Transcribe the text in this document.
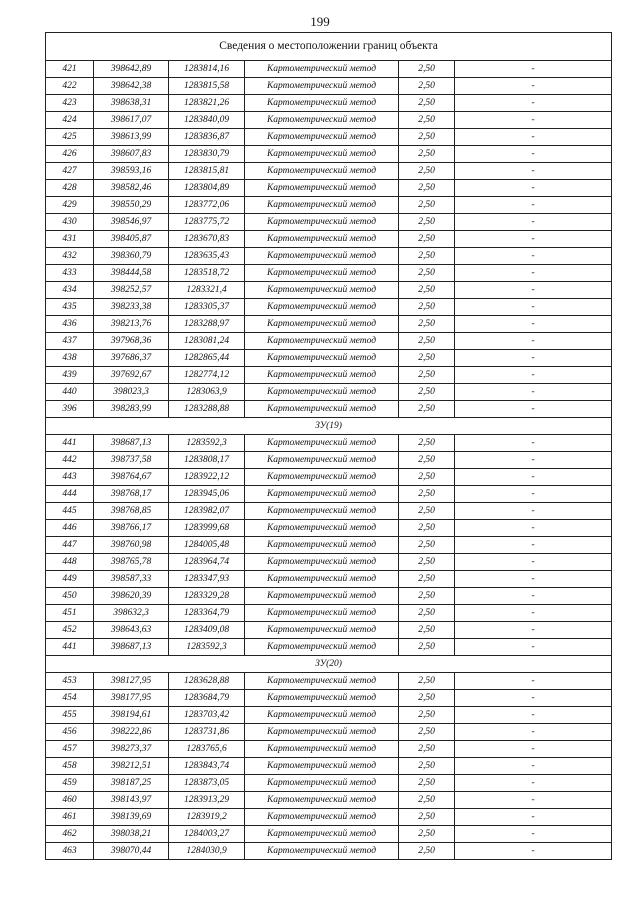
199
Сведения о местоположении границ объекта					
421	398642,89	1283814,16	Картометрический метод	2,50	-
422	398642,38	1283815,58	Картометрический метод	2,50	-
423	398638,31	1283821,26	Картометрический метод	2,50	-
424	398617,07	1283840,09	Картометрический метод	2,50	-
425	398613,99	1283836,87	Картометрический метод	2,50	-
426	398607,83	1283830,79	Картометрический метод	2,50	-
427	398593,16	1283815,81	Картометрический метод	2,50	-
428	398582,46	1283804,89	Картометрический метод	2,50	-
429	398550,29	1283772,06	Картометрический метод	2,50	-
430	398546,97	1283775,72	Картометрический метод	2,50	-
431	398405,87	1283670,83	Картометрический метод	2,50	-
432	398360,79	1283635,43	Картометрический метод	2,50	-
433	398444,58	1283518,72	Картометрический метод	2,50	-
434	398252,57	1283321,4	Картометрический метод	2,50	-
435	398233,38	1283305,37	Картометрический метод	2,50	-
436	398213,76	1283288,97	Картометрический метод	2,50	-
437	397968,36	1283081,24	Картометрический метод	2,50	-
438	397686,37	1282865,44	Картометрический метод	2,50	-
439	397692,67	1282774,12	Картометрический метод	2,50	-
440	398023,3	1283063,9	Картометрический метод	2,50	-
396	398283,99	1283288,88	Картометрический метод	2,50	-
ЗУ(19)					
441	398687,13	1283592,3	Картометрический метод	2,50	-
442	398737,58	1283808,17	Картометрический метод	2,50	-
443	398764,67	1283922,12	Картометрический метод	2,50	-
444	398768,17	1283945,06	Картометрический метод	2,50	-
445	398768,85	1283982,07	Картометрический метод	2,50	-
446	398766,17	1283999,68	Картометрический метод	2,50	-
447	398760,98	1284005,48	Картометрический метод	2,50	-
448	398765,78	1283964,74	Картометрический метод	2,50	-
449	398587,33	1283347,93	Картометрический метод	2,50	-
450	398620,39	1283329,28	Картометрический метод	2,50	-
451	398632,3	1283364,79	Картометрический метод	2,50	-
452	398643,63	1283409,08	Картометрический метод	2,50	-
441	398687,13	1283592,3	Картометрический метод	2,50	-
ЗУ(20)					
453	398127,95	1283628,88	Картометрический метод	2,50	-
454	398177,95	1283684,79	Картометрический метод	2,50	-
455	398194,61	1283703,42	Картометрический метод	2,50	-
456	398222,86	1283731,86	Картометрический метод	2,50	-
457	398273,37	1283765,6	Картометрический метод	2,50	-
458	398212,51	1283843,74	Картометрический метод	2,50	-
459	398187,25	1283873,05	Картометрический метод	2,50	-
460	398143,97	1283913,29	Картометрический метод	2,50	-
461	398139,69	1283919,2	Картометрический метод	2,50	-
462	398038,21	1284003,27	Картометрический метод	2,50	-
463	398070,44	1284030,9	Картометрический метод	2,50	-
